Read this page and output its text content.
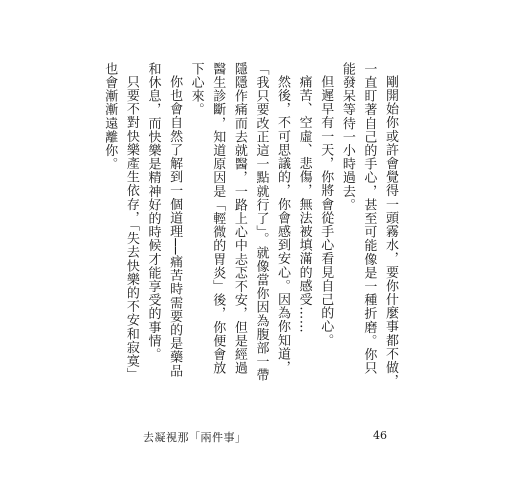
剛開始你或許會覺得一頭霧水，要你什麼事都不做，一直盯著自己的手心，甚至可能像是一種折磨。你只能發呆等待一小時過去。

但遲早有一天，你將會從手心看見自己的心。

痛苦、空虛、悲傷，無法被填滿的感受……

然後，不可思議的，你會感到安心。因為你知道，「我只要改正這一點就行了」。就像當你因為腹部一帶隱隱作痛而去就醫，一路上心中忐忑不安，但是經過醫生診斷，知道原因是「輕微的胃炎」後，你便會放下心來。

你也會自然了解到一個道理──痛苦時需要的是藥品和休息，而快樂是精神好的時候才能享受的事情。

只要不對快樂產生依存，「失去快樂的不安和寂寞」也會漸漸遠離你。

去凝視那「兩件事」	46
